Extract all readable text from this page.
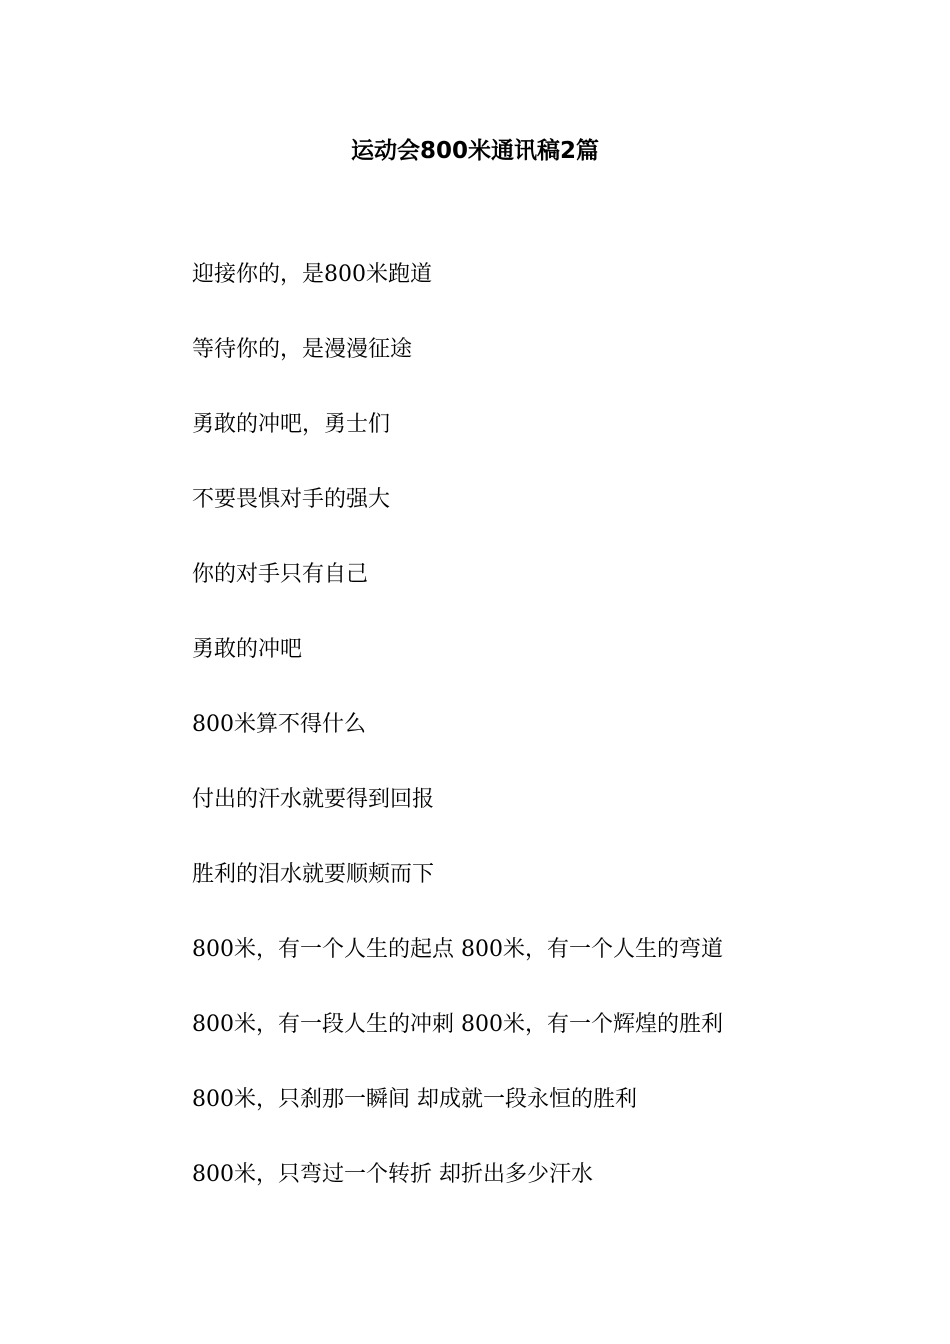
运动会800米通讯稿2篇
迎接你的，是800米跑道
等待你的，是漫漫征途
勇敢的冲吧，勇士们
不要畏惧对手的强大
你的对手只有自己
勇敢的冲吧
800米算不得什么
付出的汗水就要得到回报
胜利的泪水就要顺颊而下
800米，有一个人生的起点 800米，有一个人生的弯道
800米，有一段人生的冲刺 800米，有一个辉煌的胜利
800米，只刹那一瞬间 却成就一段永恒的胜利
800米，只弯过一个转折 却折出多少汗水
